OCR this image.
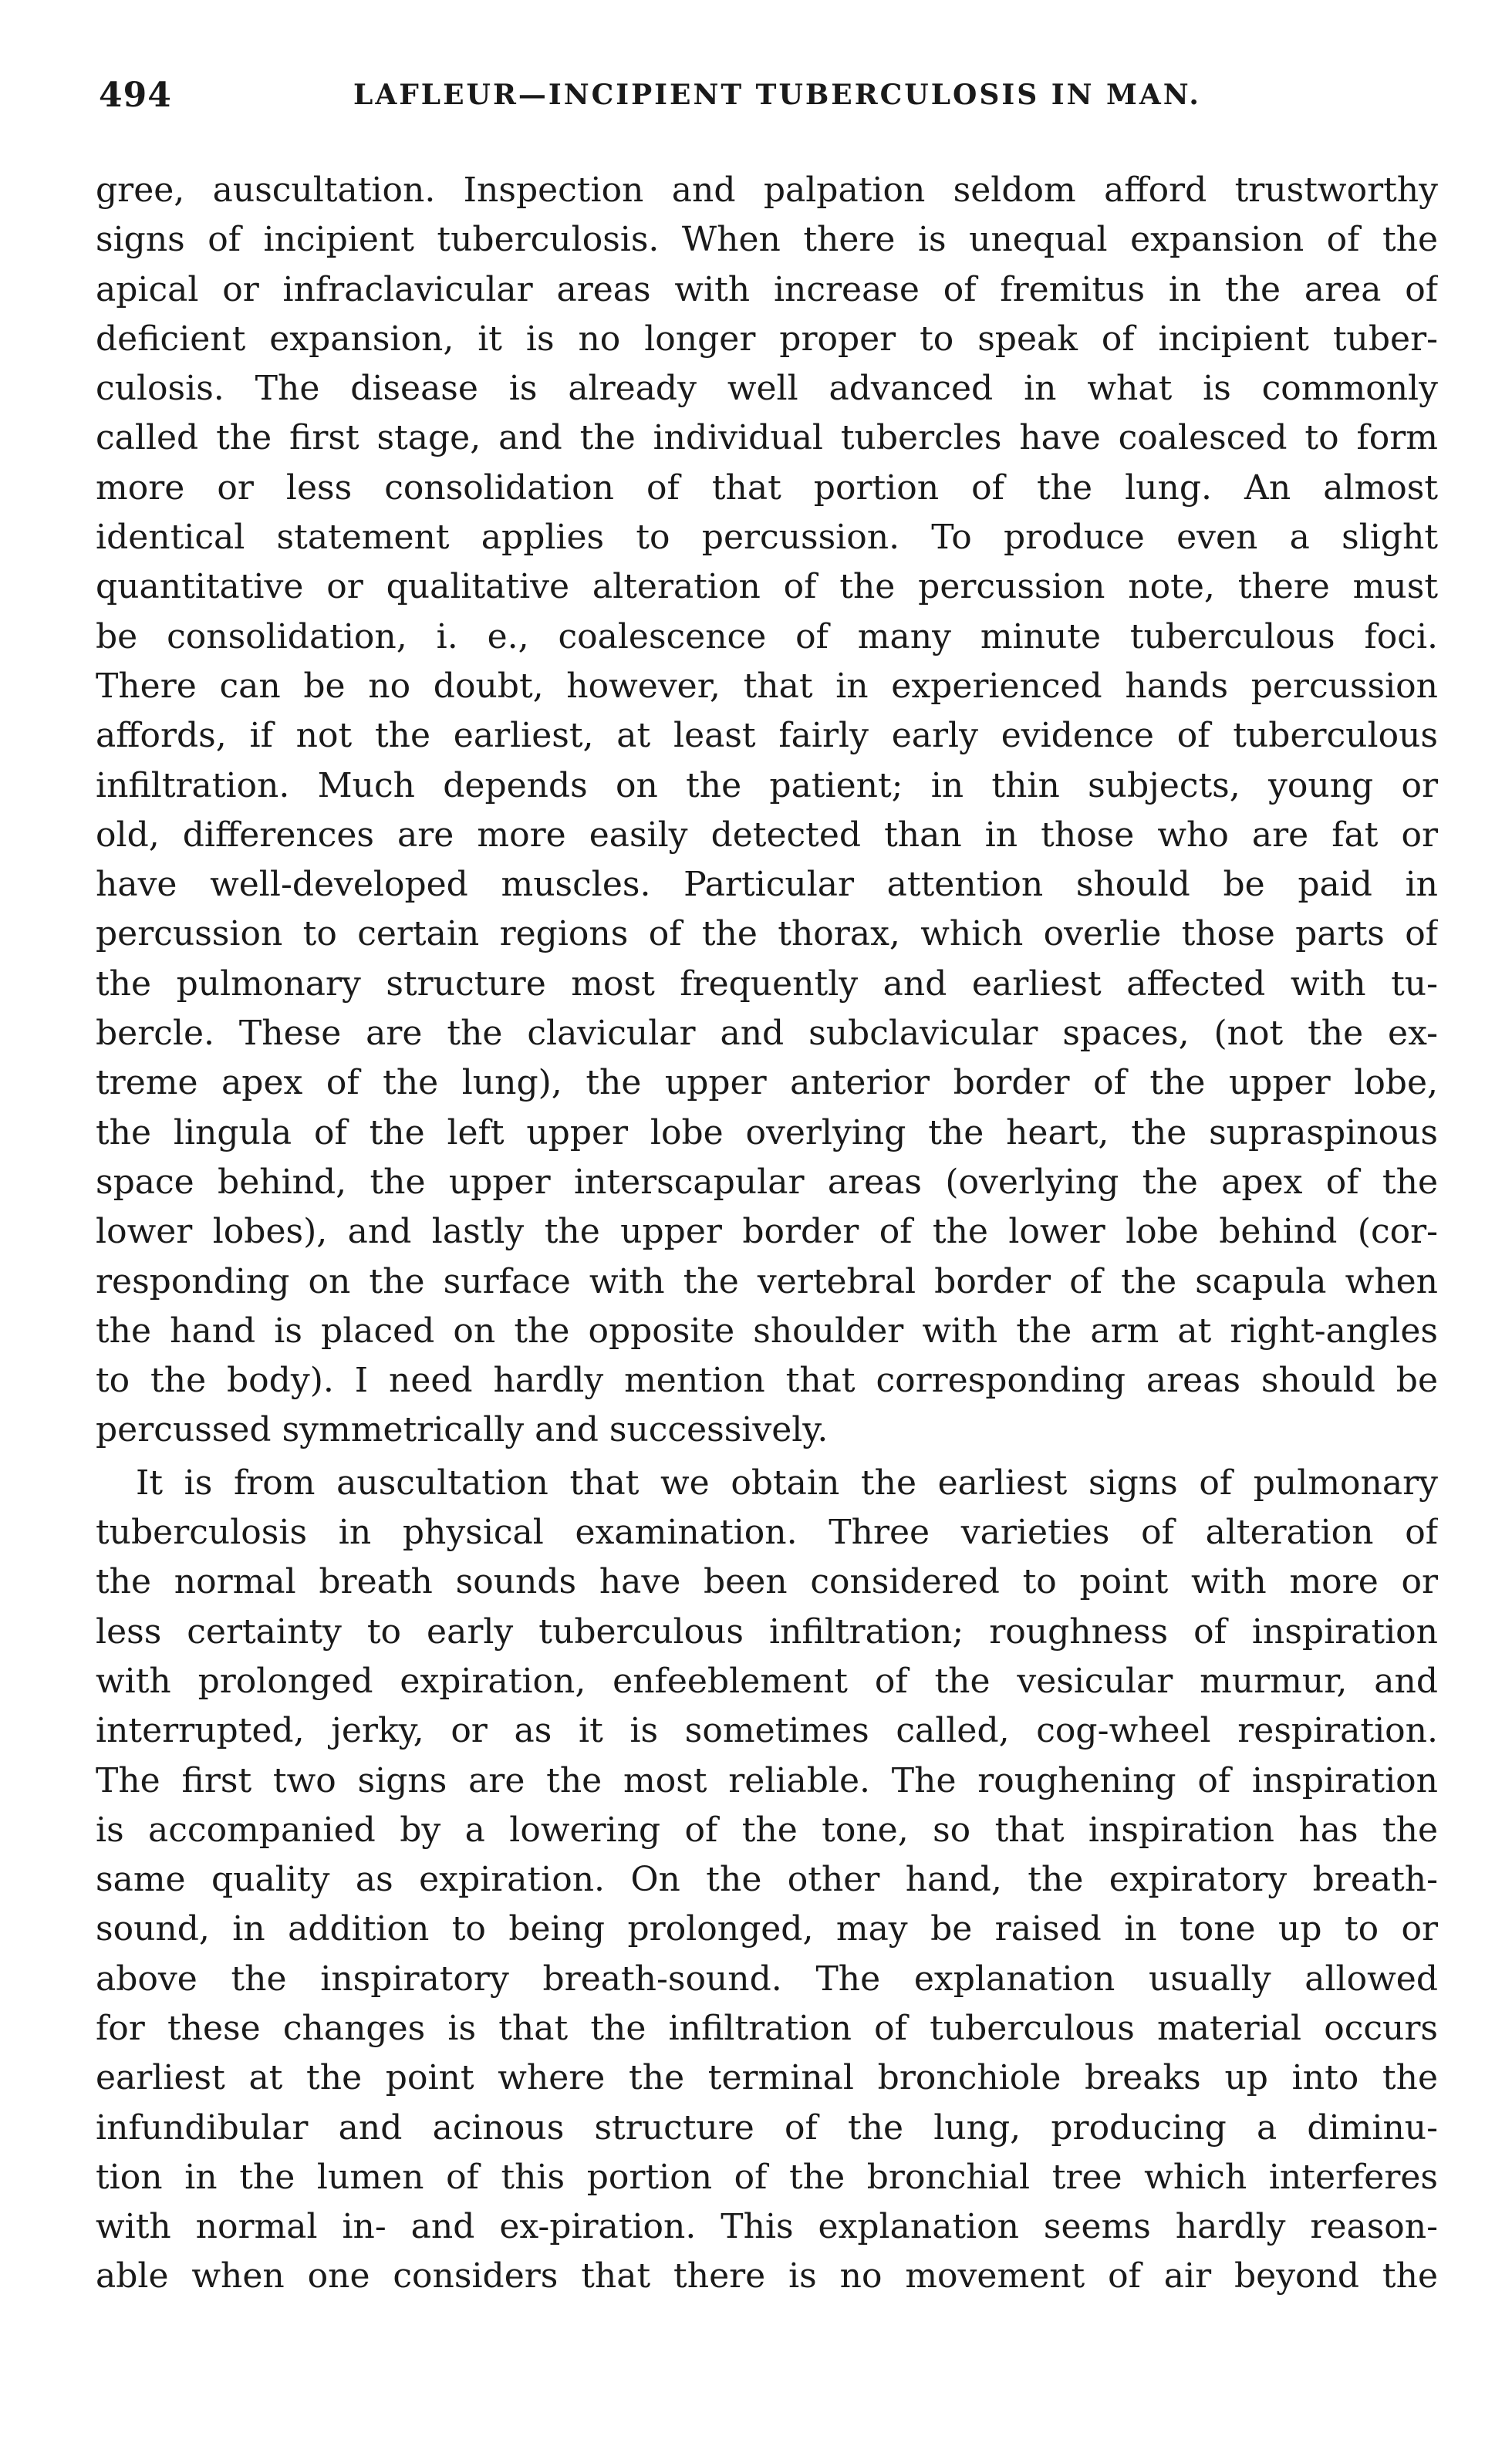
494	LAFLEUR—INCIPIENT TUBERCULOSIS IN MAN.
gree, auscultation. Inspection and palpation seldom afford trustworthy
signs of incipient tuberculosis. When there is unequal expansion of the
apical or infraclavicular areas with increase of fremitus in the area of
deficient expansion, it is no longer proper to speak of incipient tuber-
culosis. The disease is already well advanced in what is commonly
called the first stage, and the individual tubercles have coalesced to form
more or less consolidation of that portion of the lung. An almost
identical statement applies to percussion. To produce even a slight
quantitative or qualitative alteration of the percussion note, there must
be consolidation, i. e., coalescence of many minute tuberculous foci.
There can be no doubt, however, that in experienced hands percussion
affords, if not the earliest, at least fairly early evidence of tuberculous
infiltration. Much depends on the patient; in thin subjects, young or
old, differences are more easily detected than in those who are fat or
have well-developed muscles. Particular attention should be paid in
percussion to certain regions of the thorax, which overlie those parts of
the pulmonary structure most frequently and earliest affected with tu-
bercle. These are the clavicular and subclavicular spaces, (not the ex-
treme apex of the lung), the upper anterior border of the upper lobe,
the lingula of the left upper lobe overlying the heart, the supraspinous
space behind, the upper interscapular areas (overlying the apex of the
lower lobes), and lastly the upper border of the lower lobe behind (cor-
responding on the surface with the vertebral border of the scapula when
the hand is placed on the opposite shoulder with the arm at right-angles
to the body). I need hardly mention that corresponding areas should be
percussed symmetrically and successively.
It is from auscultation that we obtain the earliest signs of pulmonary
tuberculosis in physical examination. Three varieties of alteration of
the normal breath sounds have been considered to point with more or
less certainty to early tuberculous infiltration; roughness of inspiration
with prolonged expiration, enfeeblement of the vesicular murmur, and
interrupted, jerky, or as it is sometimes called, cog-wheel respiration.
The first two signs are the most reliable. The roughening of inspiration
is accompanied by a lowering of the tone, so that inspiration has the
same quality as expiration. On the other hand, the expiratory breath-
sound, in addition to being prolonged, may be raised in tone up to or
above the inspiratory breath-sound. The explanation usually allowed
for these changes is that the infiltration of tuberculous material occurs
earliest at the point where the terminal bronchiole breaks up into the
infundibular and acinous structure of the lung, producing a diminu-
tion in the lumen of this portion of the bronchial tree which interferes
with normal in- and ex-piration. This explanation seems hardly reason-
able when one considers that there is no movement of air beyond the
